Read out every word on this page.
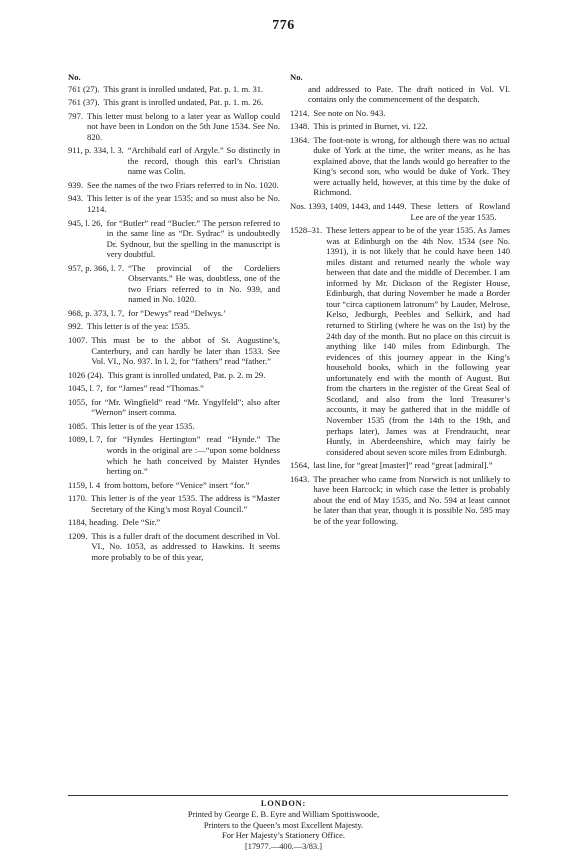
776
No.
761 (27). This grant is inrolled undated, Pat. p. 1. m. 31.
761 (37). This grant is inrolled undated, Pat. p. 1. m. 26.
797. This letter must belong to a later year as Wallop could not have been in London on the 5th June 1534. See No. 820.
911, p. 334, l. 3. “Archibald earl of Argyle.” So distinctly in the record, though this earl’s Christian name was Colin.
939. See the names of the two Friars referred to in No. 1020.
943. This letter is of the year 1535; and so must also be No. 1214.
945, l. 26, for “Butler” read “Bucler.” The person referred to in the same line as “Dr. Sydrac” is undoubtedly Dr. Sydnour, but the spelling in the manuscript is very doubtful.
957, p. 366, l. 7. “The provincial of the Cordeliers Observants.” He was, doubtless, one of the two Friars referred to in No. 939, and named in No. 1020.
968, p. 373, l. 7, for “Dewys” read “Delwys.’
992. This letter is of the yea: 1535.
1007. This must be to the abbot of St. Augustine’s, Canterbury, and can hardly be later than 1533. See Vol. VI., No. 937. In l. 2, for “fathers” read “father.”
1026 (24). This grant is inrolled undated, Pat. p. 2. m 29.
1045, l. 7, for “James” read “Thomas.”
1055, for “Mr. Wingfield” read “Mr. Yngylfeld”; also after “Wernon” insert comma.
1085. This letter is of the year 1535.
1089, l. 7, for “Hyndes Hertington” read “Hynde.” The words in the original are :—“upon some boldness which he hath conceived by Maister Hyndes herting on.”
1159, l. 4 from bottom, before “Venice” insert “for.”
1170. This letter is of the year 1535. The address is “Master Secretary of the King’s most Royal Council.”
1184, heading. Dele “Sir.”
1209. This is a fuller draft of the document described in Vol. VI., No. 1053, as addressed to Hawkins. It seems more probably to be of this year,
No.
and addressed to Pate. The draft noticed in Vol. VI. contains only the commencement of the despatch.
1214. See note on No. 943.
1348. This is printed in Burnet, vi. 122.
1364. The foot-note is wrong, for although there was no actual duke of York at the time, the writer means, as he has explained above, that the lands would go hereafter to the King’s second son, who would be duke of York. They were actually held, however, at this time by the duke of Richmond.
Nos. 1393, 1409, 1443, and 1449. These letters of Rowland Lee are of the year 1535.
1528–31. These letters appear to be of the year 1535. As James was at Edinburgh on the 4th Nov. 1534 (see No. 1391), it is not likely that he could have been 140 miles distant and returned nearly the whole way between that date and the middle of December. I am informed by Mr. Dickson of the Register House, Edinburgh, that during November he made a Border tour “circa captionem latronum” by Lauder, Melrose, Kelso, Jedburgh, Peebles and Selkirk, and had returned to Stirling (where he was on the 1st) by the 24th day of the month. But no place on this circuit is anything like 140 miles from Edinburgh. The evidences of this journey appear in the King’s household books, which in the following year unfortunately end with the month of August. But from the charters in the register of the Great Seal of Scotland, and also from the lord Treasurer’s accounts, it may be gathered that in the middle of November 1535 (from the 14th to the 19th, and perhaps later), James was at Frendraucht, near Huntly, in Aberdeenshire, which may fairly be considered about seven score miles from Edinburgh.
1564, last line, for “great [master]” read “great [admiral].”
1643. The preacher who came from Norwich is not unlikely to have been Harcock; in which case the letter is probably about the end of May 1535, and No. 594 at least cannot be later than that year, though it is possible No. 595 may be of the year following.
LONDON:
Printed by George E. B. Eyre and William Spottiswoode,
Printers to the Queen’s most Excellent Majesty.
For Her Majesty’s Stationery Office.
[17977.—400.—3/83.]
